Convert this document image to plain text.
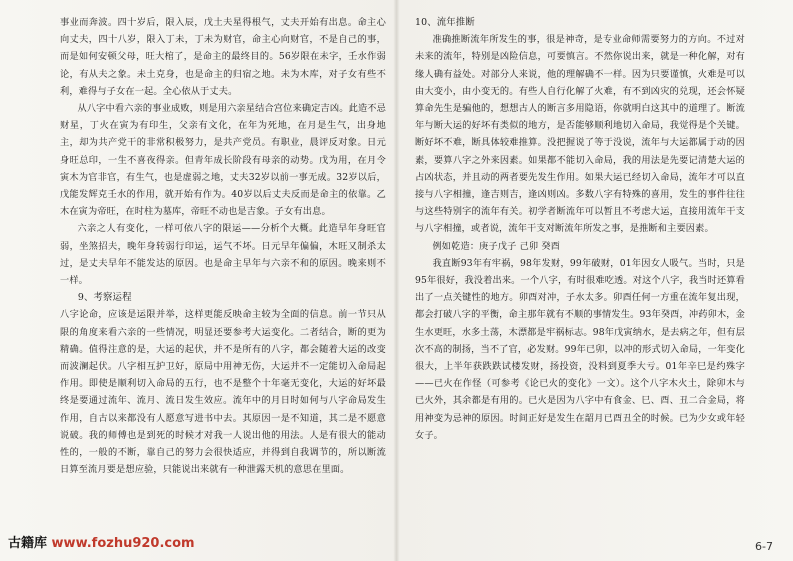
事业而奔波。四十岁后，限入辰，戊土夫星得根气，丈夫开始有出息。命主心向丈夫，四十八岁，限入丁未，丁未为财官，命主心向财官，不是自己的事，而是如何安顿父母，旺大棺了，是命主的最终目的。56岁限在未字，壬水作弱论，有从夫之象。未土克身，也是命主的归宿之地。未为木库，对子女有些不利，难得与子女在一起。全心依从于丈夫。

从八字中看六亲的事业成败，则是用六亲星结合宫位来确定吉凶。此造不忌财星，丁火在寅为有印生，父亲有文化，在年为死地，在月是生气，出身地主，却为共产党干的非常积极努力，是共产党员。有职业，晨评反对象。日元身旺总印，一生不喜夜得亲。但青年成长阶段有母亲的动势。戊为用，在月令寅木为官非官，有生气，也是虚弱之地，丈夫32岁以前一事无成。32岁以后，戊能发辉克壬水的作用，就开始有作为。40岁以后丈夫反而是命主的依靠。乙木在寅为帝旺，在时柱为墓库，帝旺不动也是吉象。子女有出息。

六亲之人有变化，一样可依八字的限运——分析个大概。此造早年身旺官弱，坐煞招夫，晚年身转弱行印运，运气不坏。日元早年偏偏，木旺又制杀太过，是丈夫早年不能发达的原因。也是命主早年与六亲不和的原因。晚来则不一样。

9、考察运程

八字论命，应该是运限并举，这样更能反映命主较为全面的信息。前一节只从限的角度来看六亲的一些情况，明显还要参考大运变化。二者结合，断的更为精确。值得注意的是，大运的起伏，并不是所有的八字，都会随着大运的改变而波澜起伏。八字相互护卫好，原局中用神无伤，大运并不一定能切入命局起作用。即使是顺利切入命局的五行，也不是整个十年毫无变化，大运的好坏最终是要通过流年、流月、流日发生效应。流年中的月日时如何与八字命局发生作用，自古以来都没有人愿意写进书中去。其原因一是不知道，其二是不愿意说破。我的师傅也是到死的时候才对我一人说出他的用法。人是有很大的能动性的，一般的不断，靠自己的努力会很快适应，并得到自我调节的，所以断流日算至流月要是想应验，只能说出来就有一种泄露天机的意思在里面。

10、流年推断

准确推断流年所发生的事，很是神奇，是专业命师需要努力的方向。不过对未来的流年，特别是凶险信息，可要慎言。不然你说出来，就是一种化解，对有缘人确有益处。对部分人来说，他的理解确不一样。因为只要谨慎，火难是可以由大变小，由小变无的。有些人自行化解了火难，有不到凶灾的兑现，还会怀疑算命先生是骗他的，想想古人的断言多用隐语，你就明白这其中的道理了。断流年与断大运的好坏有类似的地方，是否能够顺利地切入命局，我觉得是个关键。断好坏不难，断具体较难推算。没把握说了等于没说，流年与大运都属于动的因素，要算八字之外来因素。如果都不能切入命局，我的用法是先要记清楚大运的占凶状态，并且动的两者要先发生作用。如果大运已经切入命局，流年才可以直接与八字相撞，逢吉则吉，逢凶则凶。多数八字有特殊的喜用，发生的事件往往与这些特别字的流年有关。初学者断流年可以暂且不考虑大运，直接用流年干支与八字相撞，或者说，流年干支对断流年所发之事，是推断和主要因素。

例如乾造：庚子戊子 己卯 癸酉

我直断93年有牢祸，98年发财，99年破财，01年因女人吸气。当时，只是95年很好，我没着出来。一个八字，有时很难吃透。对这个八字，我当时还算看出了一点关键性的地方。卯酉对冲，子水太多。卯酉任何一方重在流年复出现，都会打破八字的平衡，命主那年就有不顺的事情发生。93年癸酉，冲药卯木，金生水更旺，水多土荡，木漂都是牢祸标志。98年戊寅纳水，是去病之年，但有层次不高的制扬，当不了官，必发财。99年已卯，以冲的形式切入命局，一年变化很大，上半年获跌跌试楼发财，扬投资，没料到夏季大亏。01年辛巳是约殊字——已火在作怪（可参考《论已火的变化》一文）。这个八字木火土，除卯木与已火外，其余都是有用的。已火是因为八字中有食金、巳、酉、丑二合金局，将用神变为忌神的原因。时间正好是发生在韶月已酉丑全的时候。已为少女或年轻女子。

古籍库 www.fozhu920.com	6-7
